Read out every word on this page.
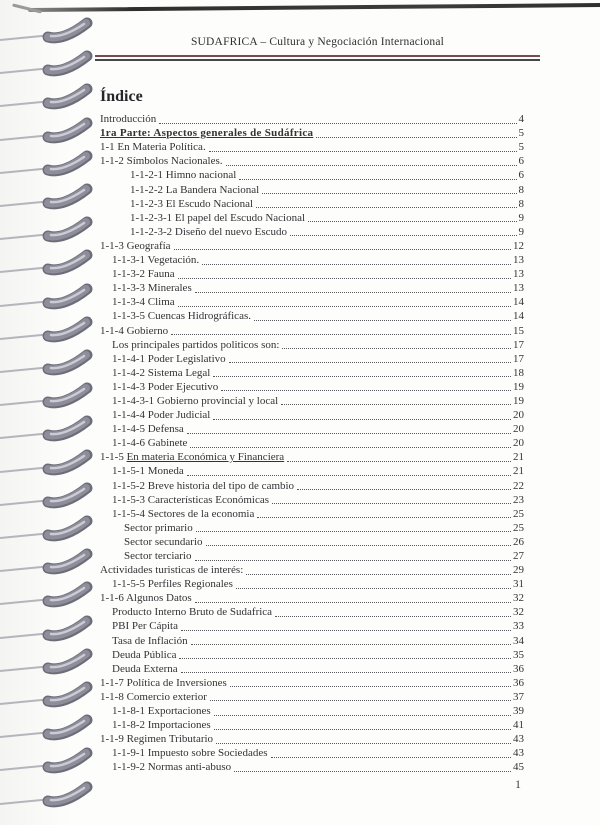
SUDAFRICA – Cultura y Negociación Internacional
Índice
Introducción	4
1ra Parte: Aspectos generales de Sudáfrica	5
1-1 En Materia Política.	5
1-1-2 Símbolos Nacionales.	6
1-1-2-1 Himno nacional	6
1-1-2-2 La Bandera Nacional	8
1-1-2-3 El Escudo Nacional	8
1-1-2-3-1 El papel del Escudo Nacional	9
1-1-2-3-2 Diseño del nuevo Escudo	9
1-1-3 Geografía	12
1-1-3-1 Vegetación.	13
1-1-3-2 Fauna	13
1-1-3-3 Minerales	13
1-1-3-4 Clima	14
1-1-3-5 Cuencas Hidrográficas.	14
1-1-4 Gobierno	15
Los principales partidos politicos son:	17
1-1-4-1 Poder Legislativo	17
1-1-4-2 Sistema Legal	18
1-1-4-3 Poder Ejecutivo	19
1-1-4-3-1 Gobierno provincial y local	19
1-1-4-4 Poder Judicial	20
1-1-4-5 Defensa	20
1-1-4-6 Gabinete	20
1-1-5 En materia Económica y Financiera	21
1-1-5-1 Moneda	21
1-1-5-2 Breve historia del tipo de cambio	22
1-1-5-3 Características Económicas	23
1-1-5-4 Sectores de la economia	25
Sector primario	25
Sector secundario	26
Sector terciario	27
Actividades turisticas de interés:	29
1-1-5-5 Perfiles Regionales	31
1-1-6 Algunos Datos	32
Producto Interno Bruto de Sudafrica	32
PBI Per Cápita	33
Tasa de Inflación	34
Deuda Pública	35
Deuda Externa	36
1-1-7 Política de Inversiones	36
1-1-8 Comercio exterior	37
1-1-8-1 Exportaciones	39
1-1-8-2 Importaciones	41
1-1-9 Regimen Tributario	43
1-1-9-1 Impuesto sobre Sociedades	43
1-1-9-2 Normas anti-abuso	45
1
